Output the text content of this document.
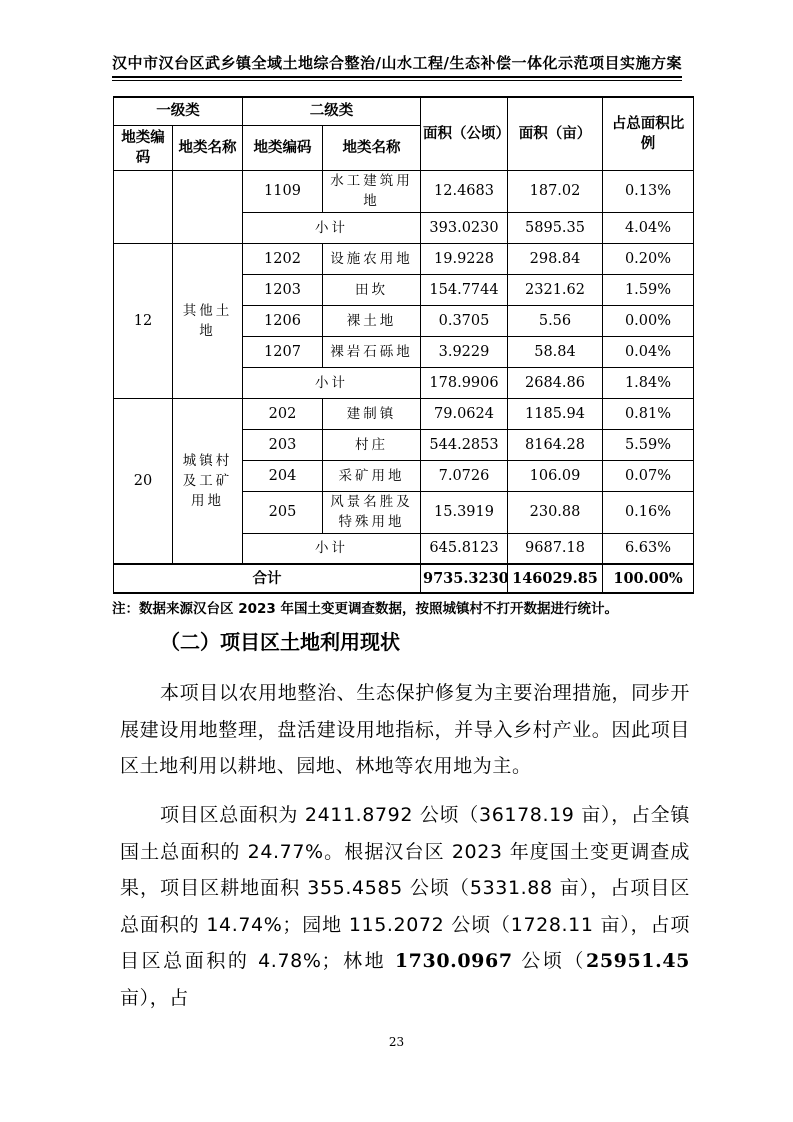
汉中市汉台区武乡镇全域土地综合整治/山水工程/生态补偿一体化示范项目实施方案
一级类		二级类		面积（公顷）	面积（亩）	占总面积比例
地类编码	地类名称	地类编码	地类名称			
		1109	水工建筑用地	12.4683	187.02	0.13%
		小计		393.0230	5895.35	4.04%
12	其他土地	1202	设施农用地	19.9228	298.84	0.20%
		1203	田坎	154.7744	2321.62	1.59%
		1206	裸土地	0.3705	5.56	0.00%
		1207	裸岩石砾地	3.9229	58.84	0.04%
		小计		178.9906	2684.86	1.84%
20	城镇村及工矿用地	202	建制镇	79.0624	1185.94	0.81%
		203	村庄	544.2853	8164.28	5.59%
		204	采矿用地	7.0726	106.09	0.07%
		205	风景名胜及特殊用地	15.3919	230.88	0.16%
		小计		645.8123	9687.18	6.63%
合计				9735.3230	146029.85	100.00%
注：数据来源汉台区 2023 年国土变更调查数据，按照城镇村不打开数据进行统计。
（二）项目区土地利用现状
本项目以农用地整治、生态保护修复为主要治理措施，同步开展建设用地整理，盘活建设用地指标，并导入乡村产业。因此项目区土地利用以耕地、园地、林地等农用地为主。
项目区总面积为 2411.8792 公顷（36178.19 亩），占全镇国土总面积的 24.77%。根据汉台区 2023 年度国土变更调查成果，项目区耕地面积 355.4585 公顷（5331.88 亩），占项目区总面积的 14.74%；园地 115.2072 公顷（1728.11 亩），占项目区总面积的 4.78%；林地 1730.0967 公顷（25951.45 亩），占
23
